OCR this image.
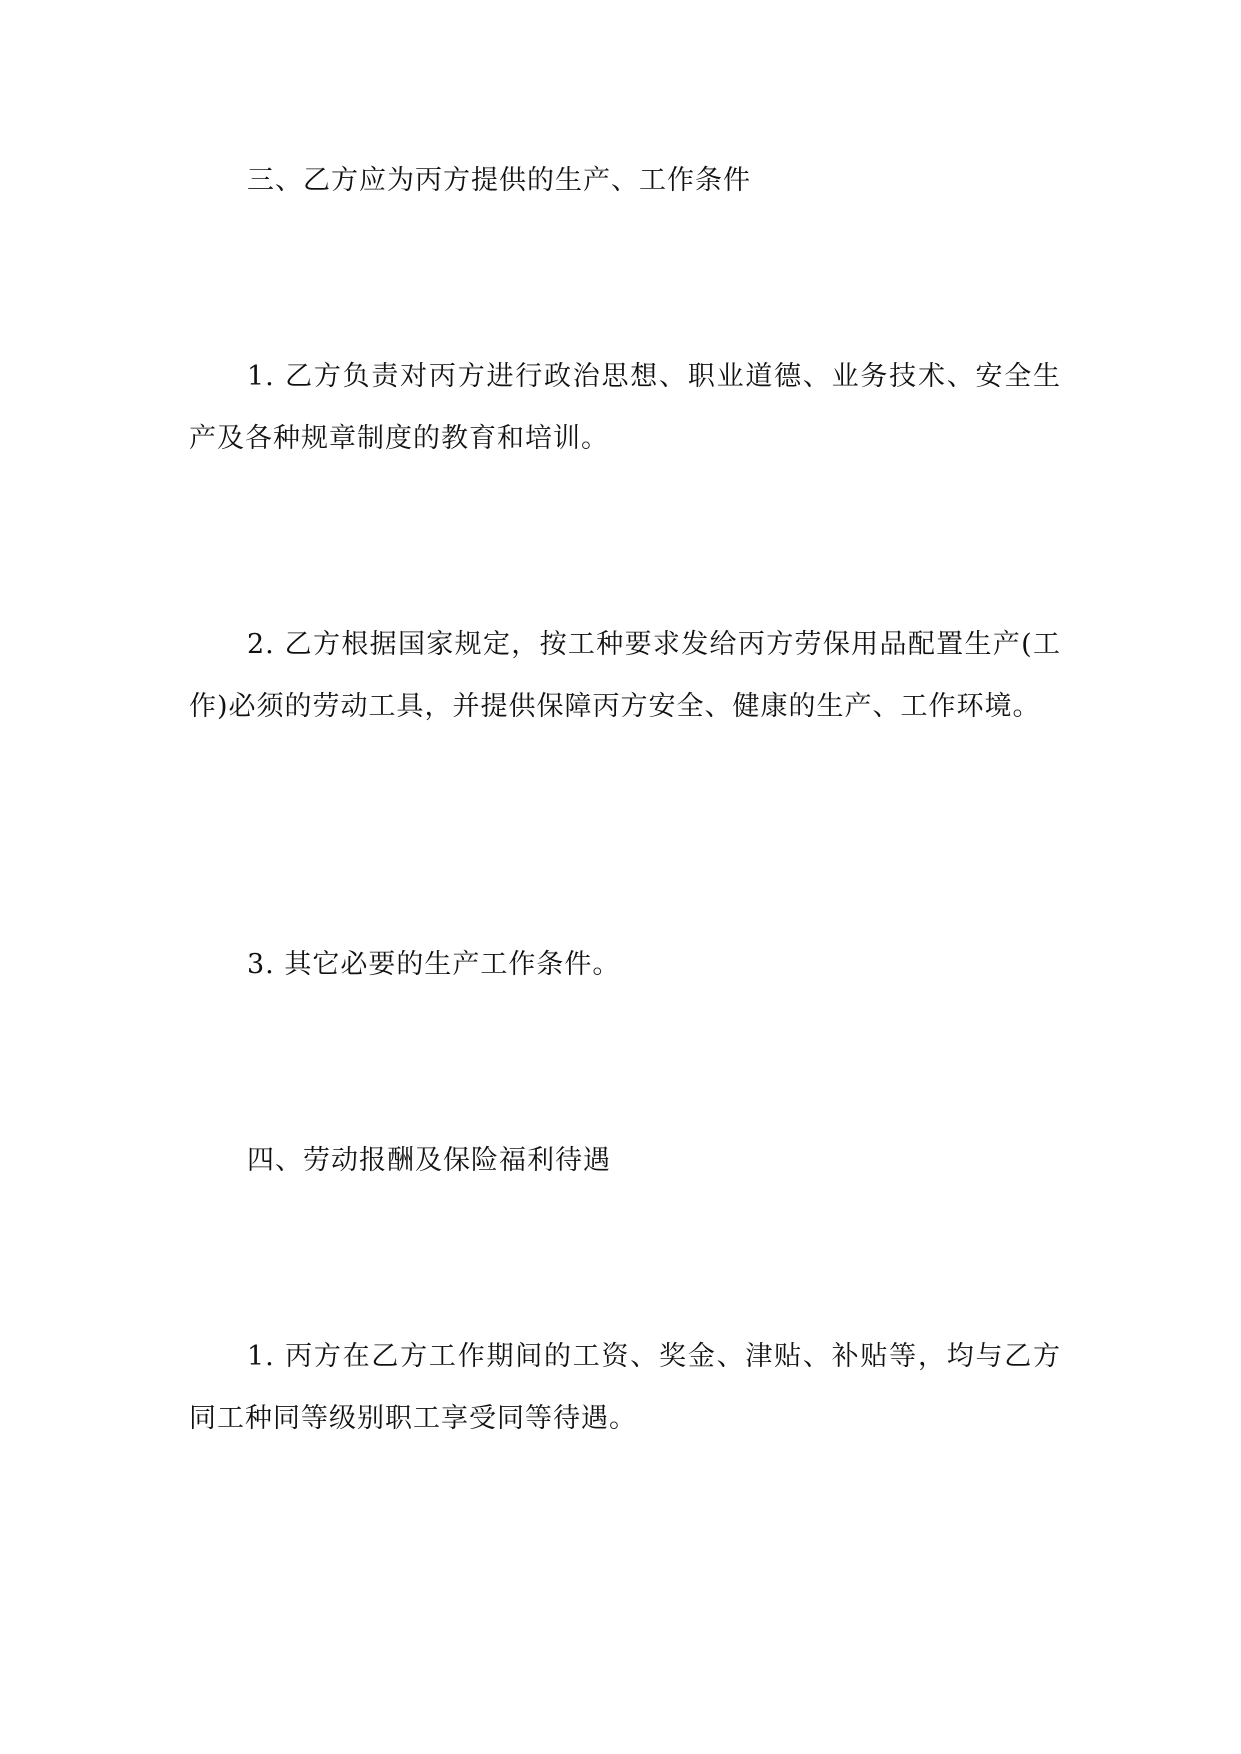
三、乙方应为丙方提供的生产、工作条件

1. 乙方负责对丙方进行政治思想、职业道德、业务技术、安全生产及各种规章制度的教育和培训。

2. 乙方根据国家规定，按工种要求发给丙方劳保用品配置生产(工作)必须的劳动工具，并提供保障丙方安全、健康的生产、工作环境。

3. 其它必要的生产工作条件。

四、劳动报酬及保险福利待遇

1. 丙方在乙方工作期间的工资、奖金、津贴、补贴等，均与乙方同工种同等级别职工享受同等待遇。
